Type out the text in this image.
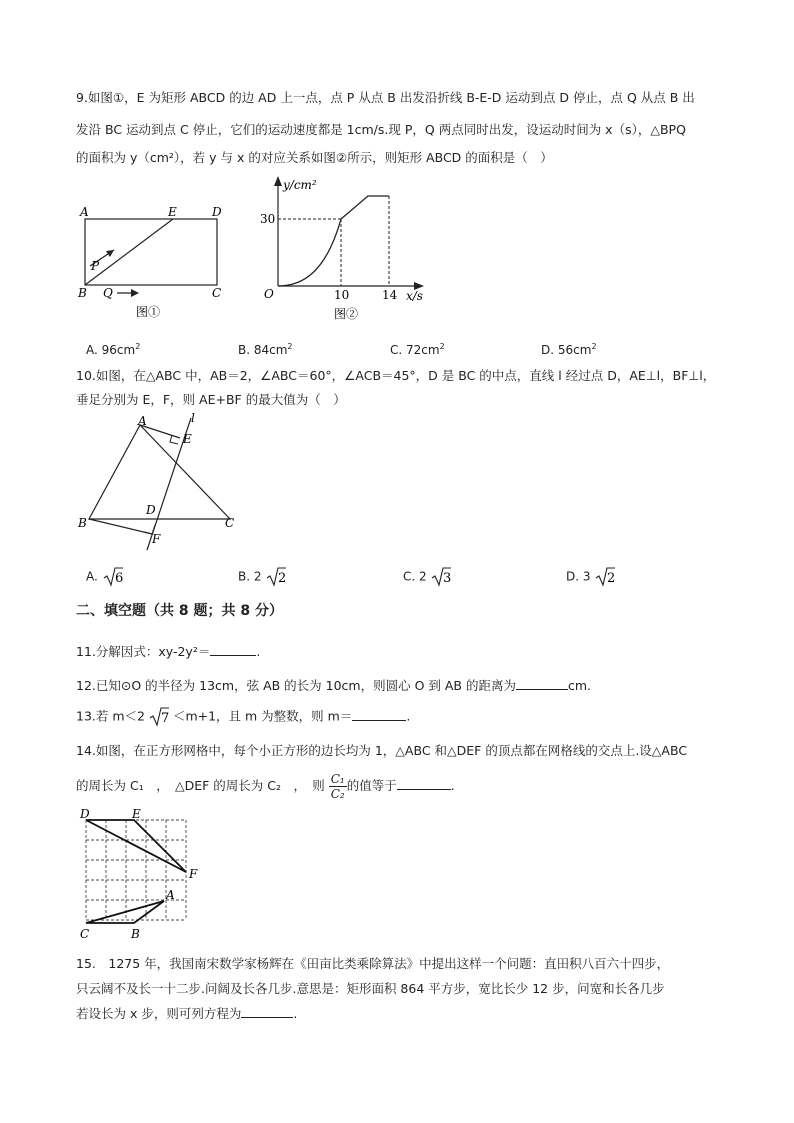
9.如图①，E 为矩形 ABCD 的边 AD 上一点，点 P 从点 B 出发沿折线 B-E-D 运动到点 D 停止，点 Q 从点 B 出
发沿 BC 运动到点 C 停止，它们的运动速度都是 1cm/s.现 P，Q 两点同时出发，设运动时间为 x（s），△BPQ
的面积为 y（cm²），若 y 与 x 的对应关系如图②所示，则矩形 ABCD 的面积是（　）
A	E	D
B	C
P
Q
图①
y/cm²
x/s
O
30
10	14
图②
A. $96cm^2$	B. $84cm^2$	C. $72cm^2$	D. $56cm^2$
10.如图，在△ABC 中，AB＝2，∠ABC＝60°，∠ACB＝45°，D 是 BC 的中点，直线 l 经过点 D，AE⊥l，BF⊥l，
垂足分别为 E，F，则 AE+BF 的最大值为（　）
A
B	C
D
E
F
l
A. 6	B. 2 2	C. 2 3	D. 3 2
二、填空题（共 8 题；共 8 分）
11.分解因式：xy-2y²＝	.
12.已知⊙O 的半径为 13cm，弦 AB 的长为 10cm，则圆心 O 到 AB 的距离为	cm.
13.若 m＜2 7 ＜m+1，且 m 为整数，则 m＝	.
14.如图，在正方形网格中，每个小正方形的边长均为 1，△ABC 和△DEF 的顶点都在网格线的交点上.设△ABC
的周长为 C₁　，　△DEF 的周长为 C₂　，　则 $\frac{\text{C₁}}{\text{C₂}}$ 的值等于	.
D	E
F
A
B
C
15.　1275 年，我国南宋数学家杨辉在《田亩比类乘除算法》中提出这样一个问题：直田积八百六十四步，
只云阔不及长一十二步.问阔及长各几步.意思是：矩形面积 864 平方步，宽比长少 12 步，问宽和长各几步
若设长为 x 步，则可列方程为	.
